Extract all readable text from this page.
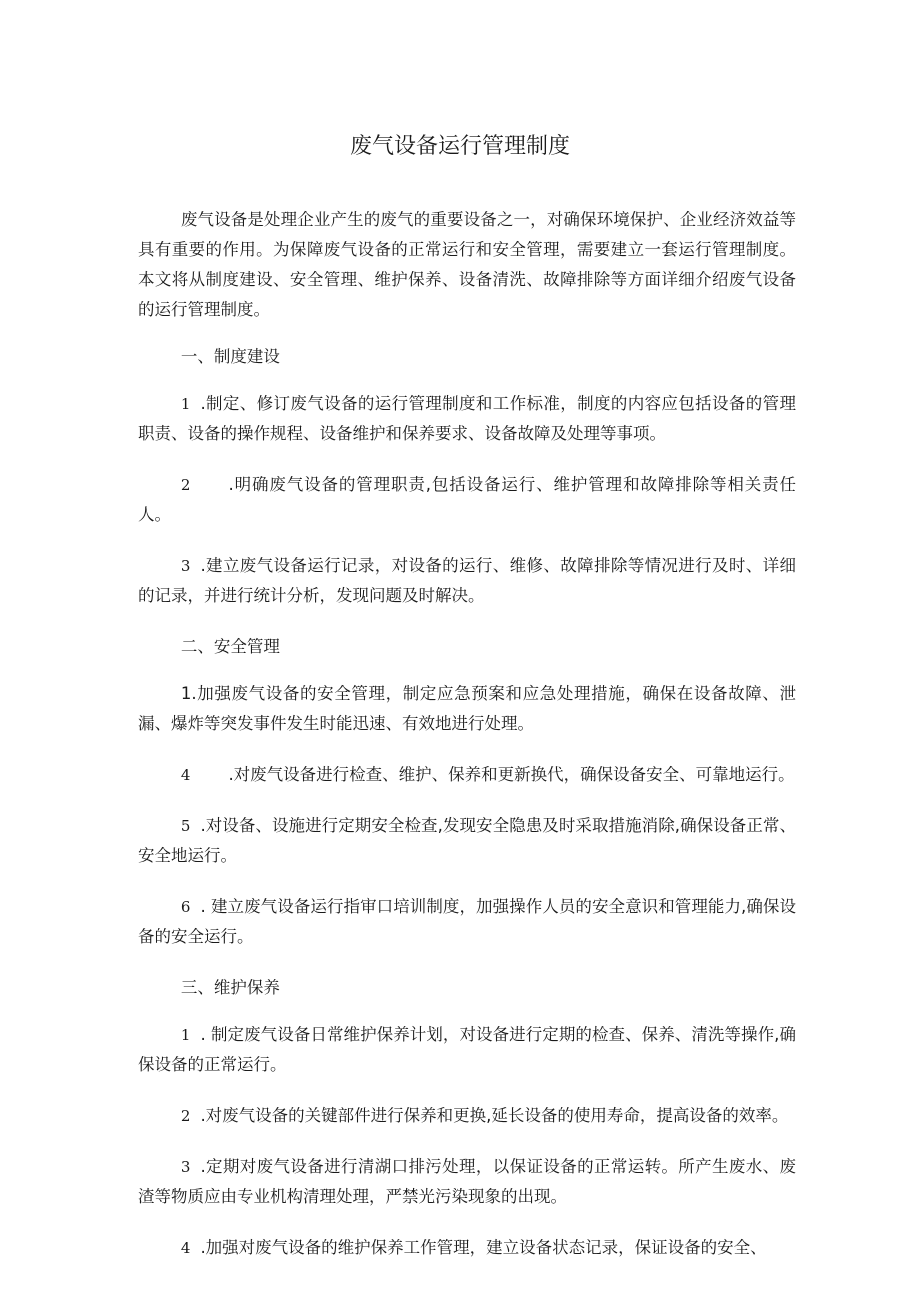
废气设备运行管理制度

废气设备是处理企业产生的废气的重要设备之一，对确保环境保护、企业经济效益等具有重要的作用。为保障废气设备的正常运行和安全管理，需要建立一套运行管理制度。本文将从制度建设、安全管理、维护保养、设备清洗、故障排除等方面详细介绍废气设备的运行管理制度。

一、制度建设

1 .制定、修订废气设备的运行管理制度和工作标准，制度的内容应包括设备的管理职责、设备的操作规程、设备维护和保养要求、设备故障及处理等事项。

2 .明确废气设备的管理职责,包括设备运行、维护管理和故障排除等相关责任人。

3 .建立废气设备运行记录，对设备的运行、维修、故障排除等情况进行及时、详细的记录，并进行统计分析，发现问题及时解决。

二、安全管理

1.加强废气设备的安全管理，制定应急预案和应急处理措施，确保在设备故障、泄漏、爆炸等突发事件发生时能迅速、有效地进行处理。

4 .对废气设备进行检查、维护、保养和更新换代，确保设备安全、可靠地运行。

5 .对设备、设施进行定期安全检查,发现安全隐患及时采取措施消除,确保设备正常、安全地运行。

6 . 建立废气设备运行指审口培训制度，加强操作人员的安全意识和管理能力,确保设备的安全运行。

三、维护保养

1 . 制定废气设备日常维护保养计划，对设备进行定期的检查、保养、清洗等操作,确保设备的正常运行。

2 .对废气设备的关键部件进行保养和更换,延长设备的使用寿命，提高设备的效率。

3 .定期对废气设备进行清湖口排污处理，以保证设备的正常运转。所产生废水、废渣等物质应由专业机构清理处理，严禁光污染现象的出现。

4 .加强对废气设备的维护保养工作管理，建立设备状态记录，保证设备的安全、
